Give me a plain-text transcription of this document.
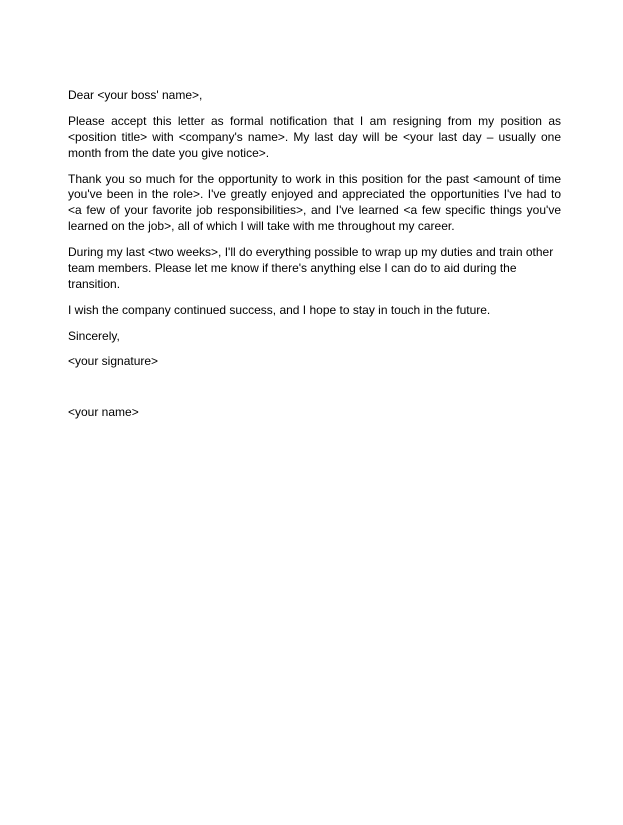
Dear <your boss' name>,

Please accept this letter as formal notification that I am resigning from my position as <position title> with <company's name>. My last day will be <your last day – usually one month from the date you give notice>.

Thank you so much for the opportunity to work in this position for the past <amount of time you've been in the role>. I've greatly enjoyed and appreciated the opportunities I've had to <a few of your favorite job responsibilities>, and I've learned <a few specific things you've learned on the job>, all of which I will take with me throughout my career.

During my last <two weeks>, I'll do everything possible to wrap up my duties and train other team members. Please let me know if there's anything else I can do to aid during the transition.

I wish the company continued success, and I hope to stay in touch in the future.

Sincerely,

<your signature>

<your name>
